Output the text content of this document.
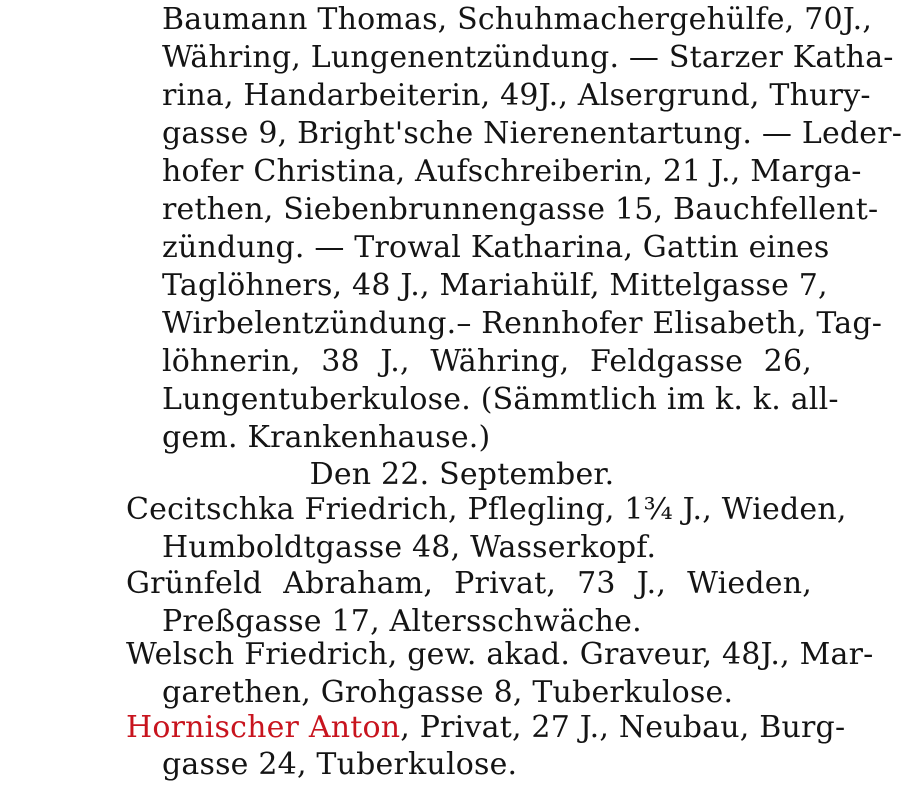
Baumann Thomas, Schuhmachergehülfe, 70J.,
Währing, Lungenentzündung. — Starzer Katha-
rina, Handarbeiterin, 49J., Alsergrund, Thury-
gasse 9, Bright'sche Nierenentartung. — Leder-
hofer Christina, Aufschreiberin, 21 J., Marga-
rethen, Siebenbrunnengasse 15, Bauchfellent-
zündung. — Trowal Katharina, Gattin eines
Taglöhners, 48 J., Mariahülf, Mittelgasse 7,
Wirbelentzündung.– Rennhofer Elisabeth, Tag-
löhnerin, 38 J., Währing, Feldgasse 26,
Lungentuberkulose. (Sämmtlich im k. k. all-
gem. Krankenhause.)
Den 22. September.
Cecitschka Friedrich, Pflegling, 1¾ J., Wieden,
Humboldtgasse 48, Wasserkopf.
Grünfeld Abraham, Privat, 73 J., Wieden,
Preßgasse 17, Altersschwäche.
Welsch Friedrich, gew. akad. Graveur, 48J., Mar-
garethen, Grohgasse 8, Tuberkulose.
Hornischer Anton , Privat, 27 J., Neubau, Burg-
gasse 24, Tuberkulose.
